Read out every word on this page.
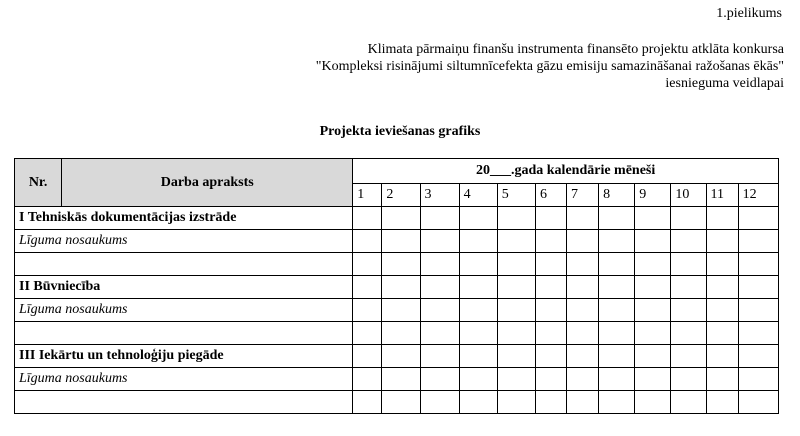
1.pielikums
Klimata pārmaiņu finanšu instrumenta finansēto projektu atklāta konkursa
"Kompleksi risinājumi siltumnīcefekta gāzu emisiju samazināšanai ražošanas ēkās"
iesnieguma veidlapai
Projekta ieviešanas grafiks
Nr.	Darba apraksts	20___.gada kalendārie mēneši											
		1	2	3	4	5	6	7	8	9	10	11	12
I Tehniskās dokumentācijas izstrāde													
Līguma nosaukums													

II Būvniecība													
Līguma nosaukums													

III Iekārtu un tehnoloģiju piegāde													
Līguma nosaukums													
